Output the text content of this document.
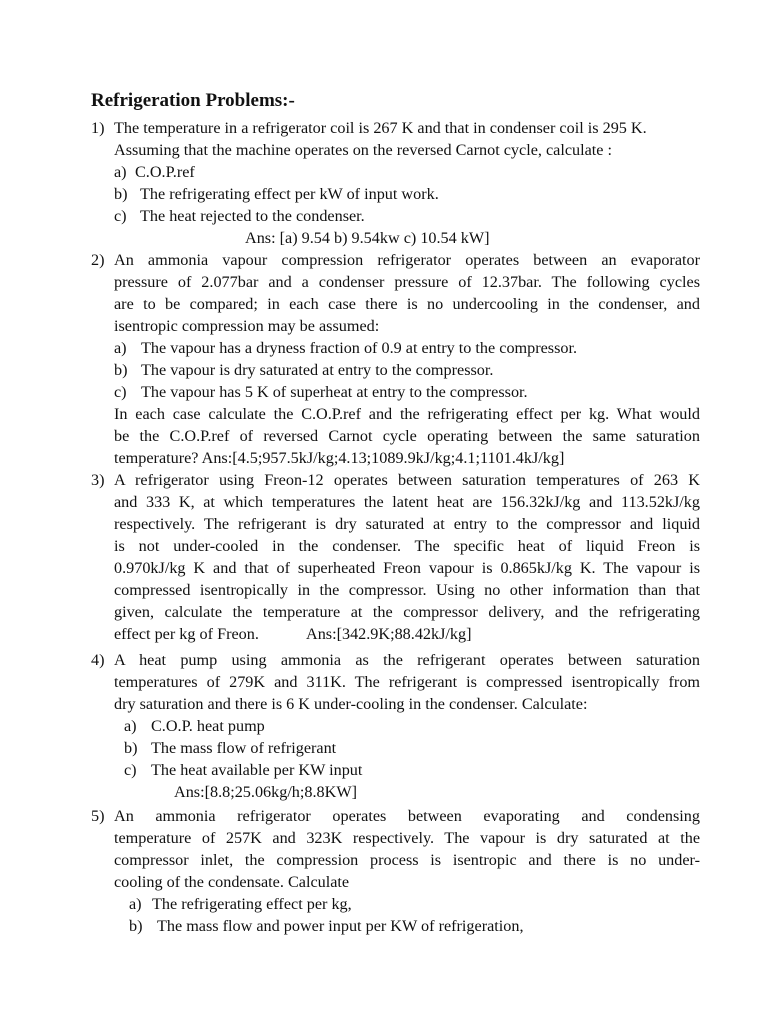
Refrigeration Problems:-
1) The temperature in a refrigerator coil is 267 K and that in condenser coil is 295 K.
Assuming that the machine operates on the reversed Carnot cycle, calculate :
a) C.O.P.ref
b) The refrigerating effect per kW of input work.
c) The heat rejected to the condenser.
Ans: [a) 9.54 b) 9.54kw c) 10.54 kW]
2) An ammonia vapour compression refrigerator operates between an evaporator
pressure of 2.077bar and a condenser pressure of 12.37bar. The following cycles
are to be compared; in each case there is no undercooling in the condenser, and
isentropic compression may be assumed:
a) The vapour has a dryness fraction of 0.9 at entry to the compressor.
b) The vapour is dry saturated at entry to the compressor.
c) The vapour has 5 K of superheat at entry to the compressor.
In each case calculate the C.O.P.ref and the refrigerating effect per kg. What would
be the C.O.P.ref of reversed Carnot cycle operating between the same saturation
temperature? Ans:[4.5;957.5kJ/kg;4.13;1089.9kJ/kg;4.1;1101.4kJ/kg]
3) A refrigerator using Freon-12 operates between saturation temperatures of 263 K
and 333 K, at which temperatures the latent heat are 156.32kJ/kg and 113.52kJ/kg
respectively. The refrigerant is dry saturated at entry to the compressor and liquid
is not under-cooled in the condenser. The specific heat of liquid Freon is
0.970kJ/kg K and that of superheated Freon vapour is 0.865kJ/kg K. The vapour is
compressed isentropically in the compressor. Using no other information than that
given, calculate the temperature at the compressor delivery, and the refrigerating
effect per kg of Freon.	Ans:[342.9K;88.42kJ/kg]
4) A heat pump using ammonia as the refrigerant operates between saturation
temperatures of 279K and 311K. The refrigerant is compressed isentropically from
dry saturation and there is 6 K under-cooling in the condenser. Calculate:
a) C.O.P. heat pump
b) The mass flow of refrigerant
c) The heat available per KW input
Ans:[8.8;25.06kg/h;8.8KW]
5) An ammonia refrigerator operates between evaporating and condensing
temperature of 257K and 323K respectively. The vapour is dry saturated at the
compressor inlet, the compression process is isentropic and there is no under-
cooling of the condensate. Calculate
a) The refrigerating effect per kg,
b) The mass flow and power input per KW of refrigeration,
